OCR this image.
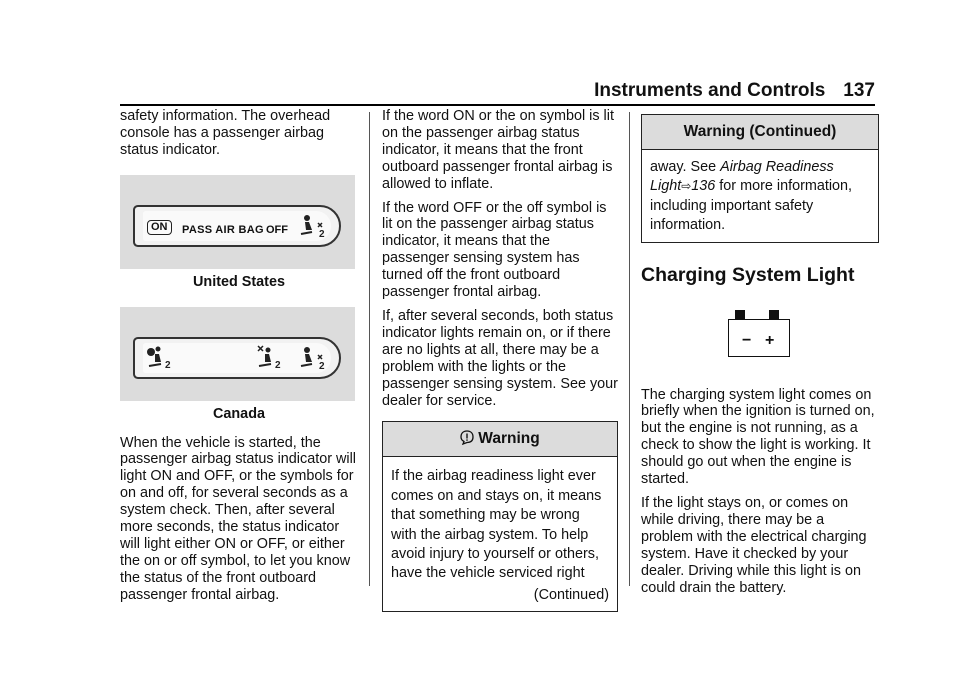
Instruments and Controls 137

safety information. The overhead console has a passenger airbag status indicator.

ON	PASS AIR BAG OFF	2
United States
2	2	2
Canada

When the vehicle is started, the passenger airbag status indicator will light ON and OFF, or the symbols for on and off, for several seconds as a system check. Then, after several more seconds, the status indicator will light either ON or OFF, or either the on or off symbol, to let you know the status of the front outboard passenger frontal airbag.

If the word ON or the on symbol is lit on the passenger airbag status indicator, it means that the front outboard passenger frontal airbag is allowed to inflate.

If the word OFF or the off symbol is lit on the passenger airbag status indicator, it means that the passenger sensing system has turned off the front outboard passenger frontal airbag.

If, after several seconds, both status indicator lights remain on, or if there are no lights at all, there may be a problem with the lights or the passenger sensing system. See your dealer for service.

Warning

If the airbag readiness light ever comes on and stays on, it means that something may be wrong with the airbag system. To help avoid injury to yourself or others, have the vehicle serviced right

(Continued)

Warning (Continued)

away. See Airbag Readiness Light⇨136 for more information, including important safety information.

Charging System Light
− +

The charging system light comes on briefly when the ignition is turned on, but the engine is not running, as a check to show the light is working. It should go out when the engine is started.

If the light stays on, or comes on while driving, there may be a problem with the electrical charging system. Have it checked by your dealer. Driving while this light is on could drain the battery.
